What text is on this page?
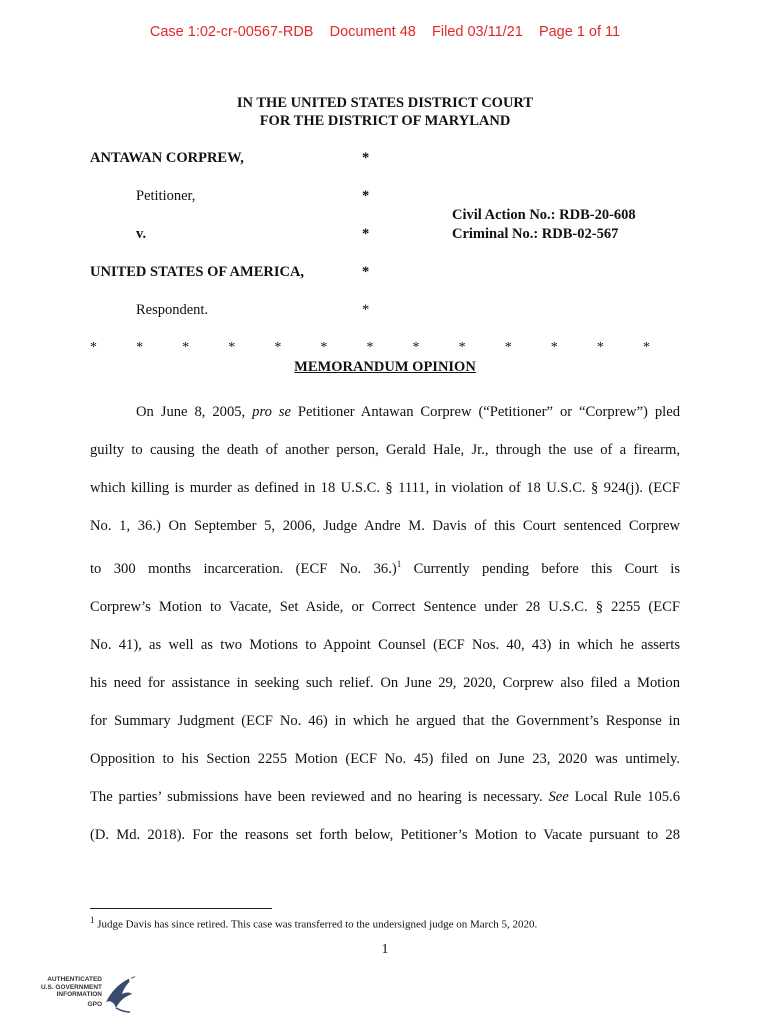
Case 1:02-cr-00567-RDB Document 48 Filed 03/11/21 Page 1 of 11
IN THE UNITED STATES DISTRICT COURT
FOR THE DISTRICT OF MARYLAND
ANTAWAN CORPREW,	*
Petitioner,	*
Civil Action No.: RDB-20-608
Criminal No.: RDB-02-567
v.	*
UNITED STATES OF AMERICA,	*
Respondent.	*
*	*	*	*	*	*	*	*	*	*	*	*	*
MEMORANDUM OPINION
On June 8, 2005, pro se Petitioner Antawan Corprew (“Petitioner” or “Corprew”) pled
guilty to causing the death of another person, Gerald Hale, Jr., through the use of a firearm,
which killing is murder as defined in 18 U.S.C. § 1111, in violation of 18 U.S.C. § 924(j). (ECF
No. 1, 36.) On September 5, 2006, Judge Andre M. Davis of this Court sentenced Corprew
to 300 months incarceration. (ECF No. 36.)$^1$ Currently pending before this Court is
Corprew’s Motion to Vacate, Set Aside, or Correct Sentence under 28 U.S.C. § 2255 (ECF
No. 41), as well as two Motions to Appoint Counsel (ECF Nos. 40, 43) in which he asserts
his need for assistance in seeking such relief. On June 29, 2020, Corprew also filed a Motion
for Summary Judgment (ECF No. 46) in which he argued that the Government’s Response in
Opposition to his Section 2255 Motion (ECF No. 45) filed on June 23, 2020 was untimely.
The parties’ submissions have been reviewed and no hearing is necessary. See Local Rule 105.6
(D. Md. 2018). For the reasons set forth below, Petitioner’s Motion to Vacate pursuant to 28
$^1$ Judge Davis has since retired. This case was transferred to the undersigned judge on March 5, 2020.
1
AUTHENTICATED
U.S. GOVERNMENT
INFORMATION
GPO
